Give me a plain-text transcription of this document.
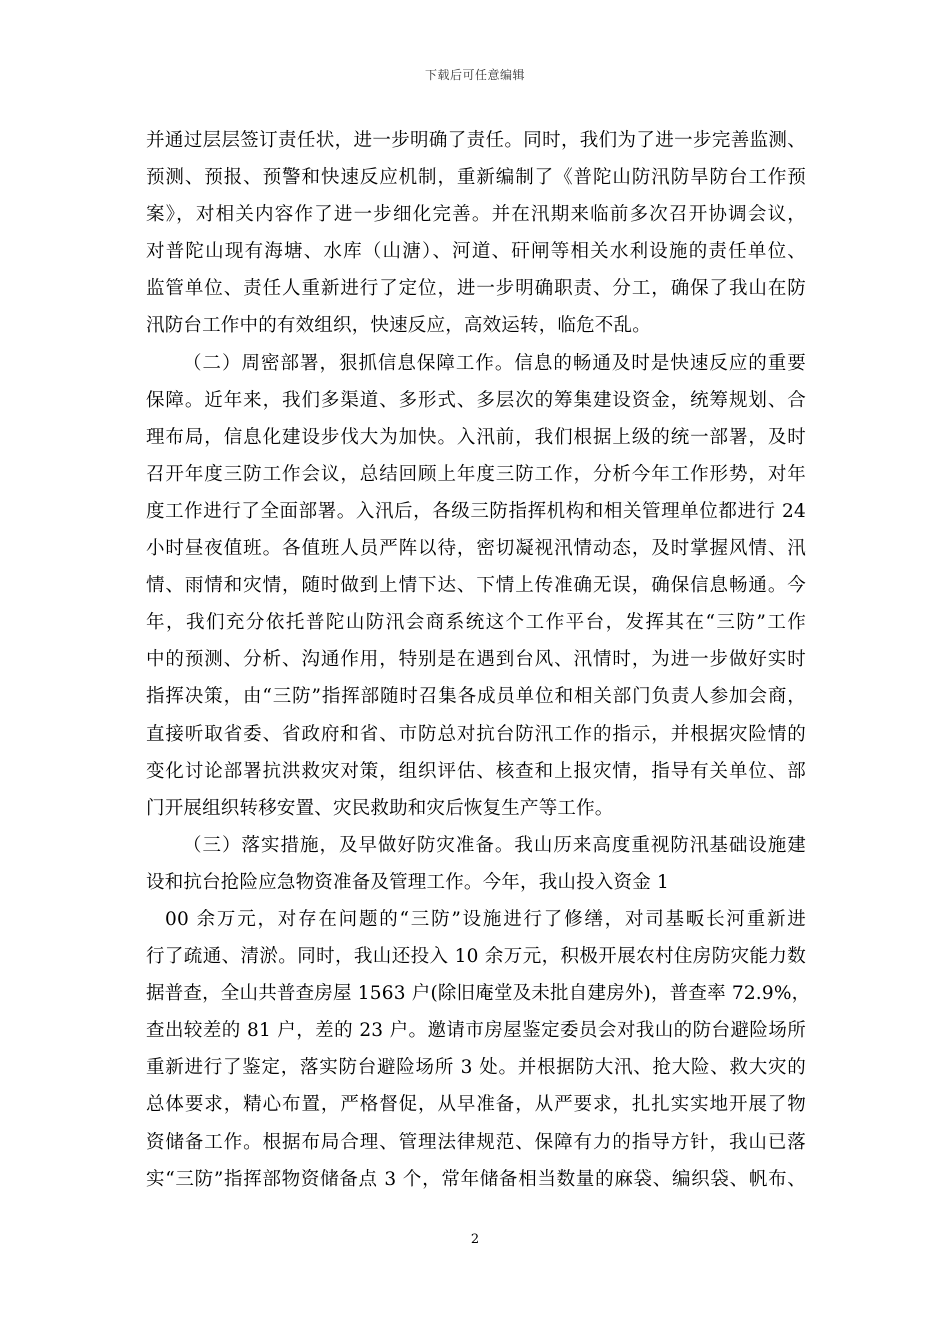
下载后可任意编辑
并通过层层签订责任状，进一步明确了责任。同时，我们为了进一步完善监测、
预测、预报、预警和快速反应机制，重新编制了《普陀山防汛防旱防台工作预
案》，对相关内容作了进一步细化完善。并在汛期来临前多次召开协调会议，
对普陀山现有海塘、水库（山溏）、河道、矸闸等相关水利设施的责任单位、
监管单位、责任人重新进行了定位，进一步明确职责、分工，确保了我山在防
汛防台工作中的有效组织，快速反应，高效运转，临危不乱。
（二）周密部署，狠抓信息保障工作。信息的畅通及时是快速反应的重要
保障。近年来，我们多渠道、多形式、多层次的筹集建设资金，统筹规划、合
理布局，信息化建设步伐大为加快。入汛前，我们根据上级的统一部署，及时
召开年度三防工作会议，总结回顾上年度三防工作，分析今年工作形势，对年
度工作进行了全面部署。入汛后，各级三防指挥机构和相关管理单位都进行 24
小时昼夜值班。各值班人员严阵以待，密切凝视汛情动态，及时掌握风情、汛
情、雨情和灾情，随时做到上情下达、下情上传准确无误，确保信息畅通。今
年，我们充分依托普陀山防汛会商系统这个工作平台，发挥其在“三防”工作
中的预测、分析、沟通作用，特别是在遇到台风、汛情时，为进一步做好实时
指挥决策，由“三防”指挥部随时召集各成员单位和相关部门负责人参加会商，
直接听取省委、省政府和省、市防总对抗台防汛工作的指示，并根据灾险情的
变化讨论部署抗洪救灾对策，组织评估、核查和上报灾情，指导有关单位、部
门开展组织转移安置、灾民救助和灾后恢复生产等工作。
（三）落实措施，及早做好防灾准备。我山历来高度重视防汛基础设施建
设和抗台抢险应急物资准备及管理工作。今年，我山投入资金 1
00 余万元，对存在问题的“三防”设施进行了修缮，对司基畈长河重新进
行了疏通、清淤。同时，我山还投入 10 余万元，积极开展农村住房防灾能力数
据普查，全山共普查房屋 1563 户(除旧庵堂及未批自建房外)，普查率 72.9%，
查出较差的 81 户，差的 23 户。邀请市房屋鉴定委员会对我山的防台避险场所
重新进行了鉴定，落实防台避险场所 3 处。并根据防大汛、抢大险、救大灾的
总体要求，精心布置，严格督促，从早准备，从严要求，扎扎实实地开展了物
资储备工作。根据布局合理、管理法律规范、保障有力的指导方针，我山已落
实“三防”指挥部物资储备点 3 个，常年储备相当数量的麻袋、编织袋、帆布、
2
